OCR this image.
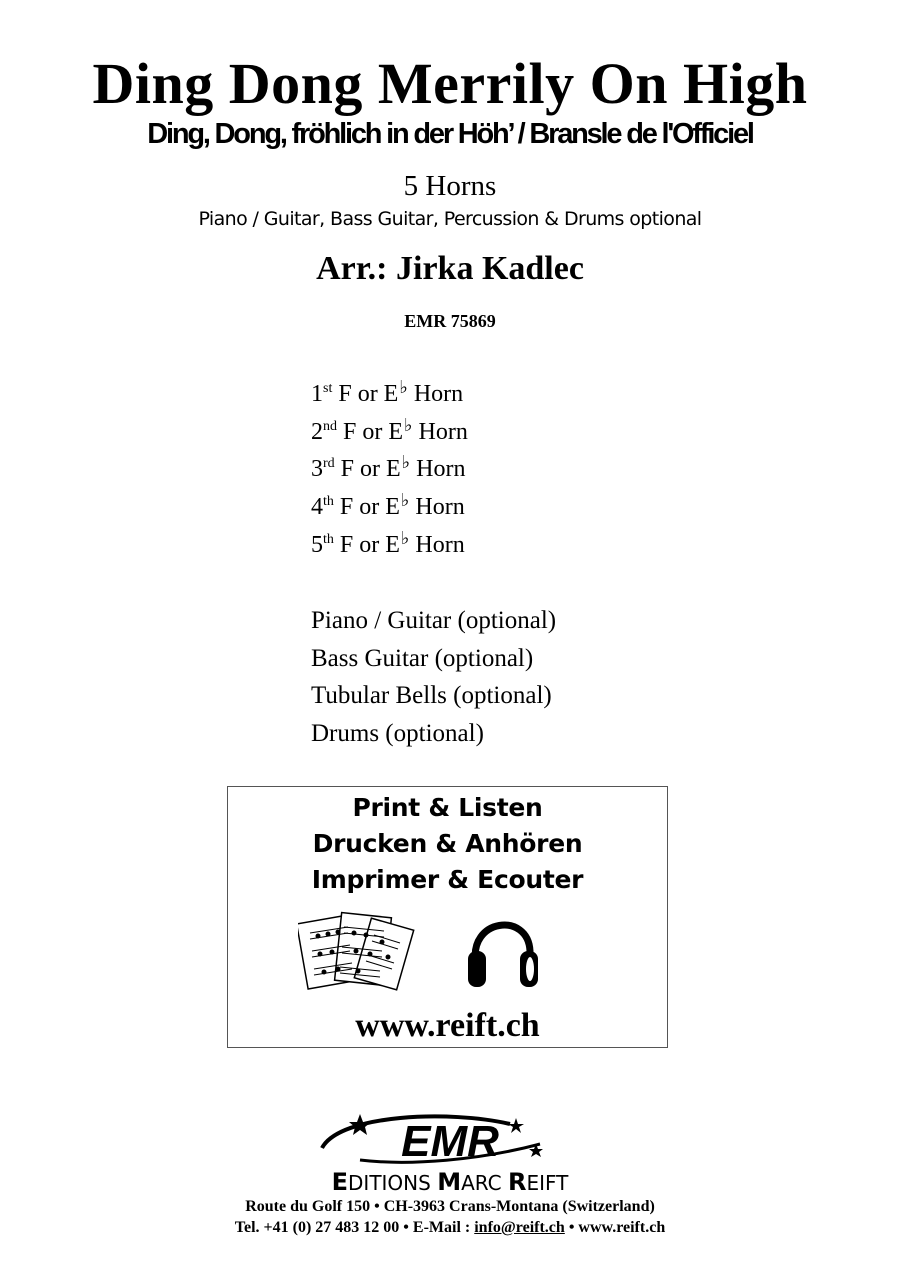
Ding Dong Merrily On High
Ding, Dong, fröhlich in der Höh’ / Bransle de l'Officiel
5 Horns
Piano / Guitar, Bass Guitar, Percussion & Drums optional
Arr.: Jirka Kadlec
EMR 75869
1st F or E♭ Horn
2nd F or E♭ Horn
3rd F or E♭ Horn
4th F or E♭ Horn
5th F or E♭ Horn
Piano / Guitar (optional)
Bass Guitar (optional)
Tubular Bells (optional)
Drums (optional)
Print & Listen
Drucken & Anhören
Imprimer & Ecouter
www.reift.ch
EMR
EDITIONS MARC REIFT
Route du Golf 150 • CH-3963 Crans-Montana (Switzerland)
Tel. +41 (0) 27 483 12 00 • E-Mail : info@reift.ch • www.reift.ch
